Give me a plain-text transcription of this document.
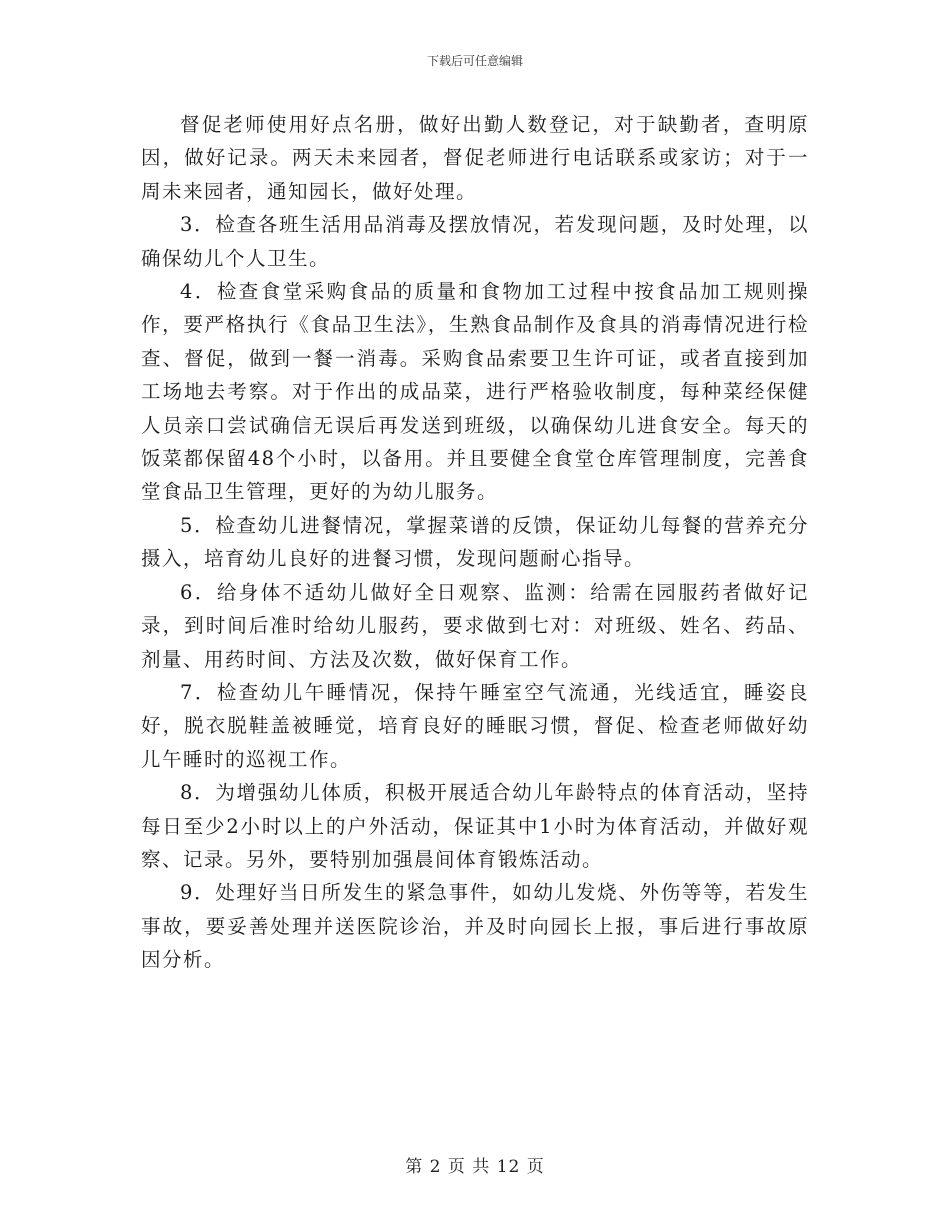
下载后可任意编辑

督促老师使用好点名册，做好出勤人数登记，对于缺勤者，查明原因，做好记录。两天未来园者，督促老师进行电话联系或家访；对于一周未来园者，通知园长，做好处理。

3．检查各班生活用品消毒及摆放情况，若发现问题，及时处理，以确保幼儿个人卫生。

4．检查食堂采购食品的质量和食物加工过程中按食品加工规则操作，要严格执行《食品卫生法》，生熟食品制作及食具的消毒情况进行检查、督促，做到一餐一消毒。采购食品索要卫生许可证，或者直接到加工场地去考察。对于作出的成品菜，进行严格验收制度，每种菜经保健人员亲口尝试确信无误后再发送到班级，以确保幼儿进食安全。每天的饭菜都保留48个小时，以备用。并且要健全食堂仓库管理制度，完善食堂食品卫生管理，更好的为幼儿服务。

5．检查幼儿进餐情况，掌握菜谱的反馈，保证幼儿每餐的营养充分摄入，培育幼儿良好的进餐习惯，发现问题耐心指导。

6．给身体不适幼儿做好全日观察、监测：给需在园服药者做好记录，到时间后准时给幼儿服药，要求做到七对：对班级、姓名、药品、剂量、用药时间、方法及次数，做好保育工作。

7．检查幼儿午睡情况，保持午睡室空气流通，光线适宜，睡姿良好，脱衣脱鞋盖被睡觉，培育良好的睡眠习惯，督促、检查老师做好幼儿午睡时的巡视工作。

8．为增强幼儿体质，积极开展适合幼儿年龄特点的体育活动，坚持每日至少2小时以上的户外活动，保证其中1小时为体育活动，并做好观察、记录。另外，要特别加强晨间体育锻炼活动。

9．处理好当日所发生的紧急事件，如幼儿发烧、外伤等等，若发生事故，要妥善处理并送医院诊治，并及时向园长上报，事后进行事故原因分析。

第 2 页 共 12 页
